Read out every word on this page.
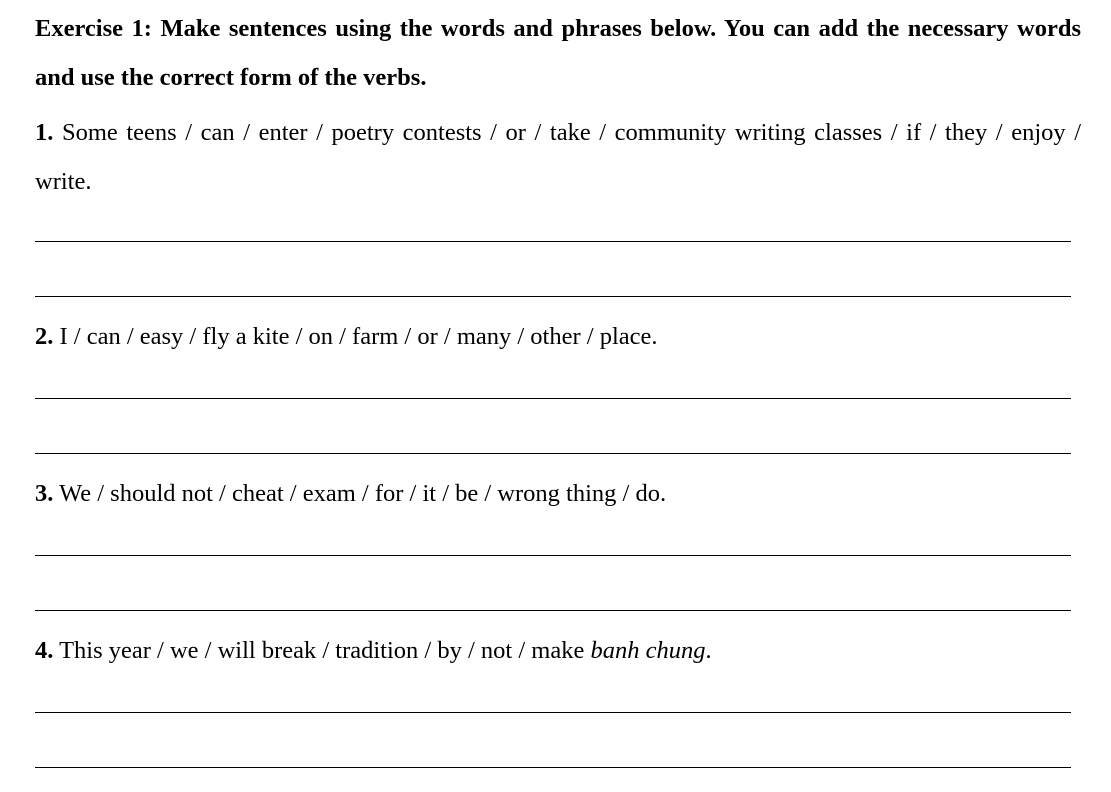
Exercise 1: Make sentences using the words and phrases below. You can add the necessary words and use the correct form of the verbs.

1. Some teens / can / enter / poetry contests / or / take / community writing classes / if / they / enjoy / write.

2. I / can / easy / fly a kite / on / farm / or / many / other / place.

3. We / should not / cheat / exam / for / it / be / wrong thing / do.

4. This year / we / will break / tradition / by / not / make banh chung.
